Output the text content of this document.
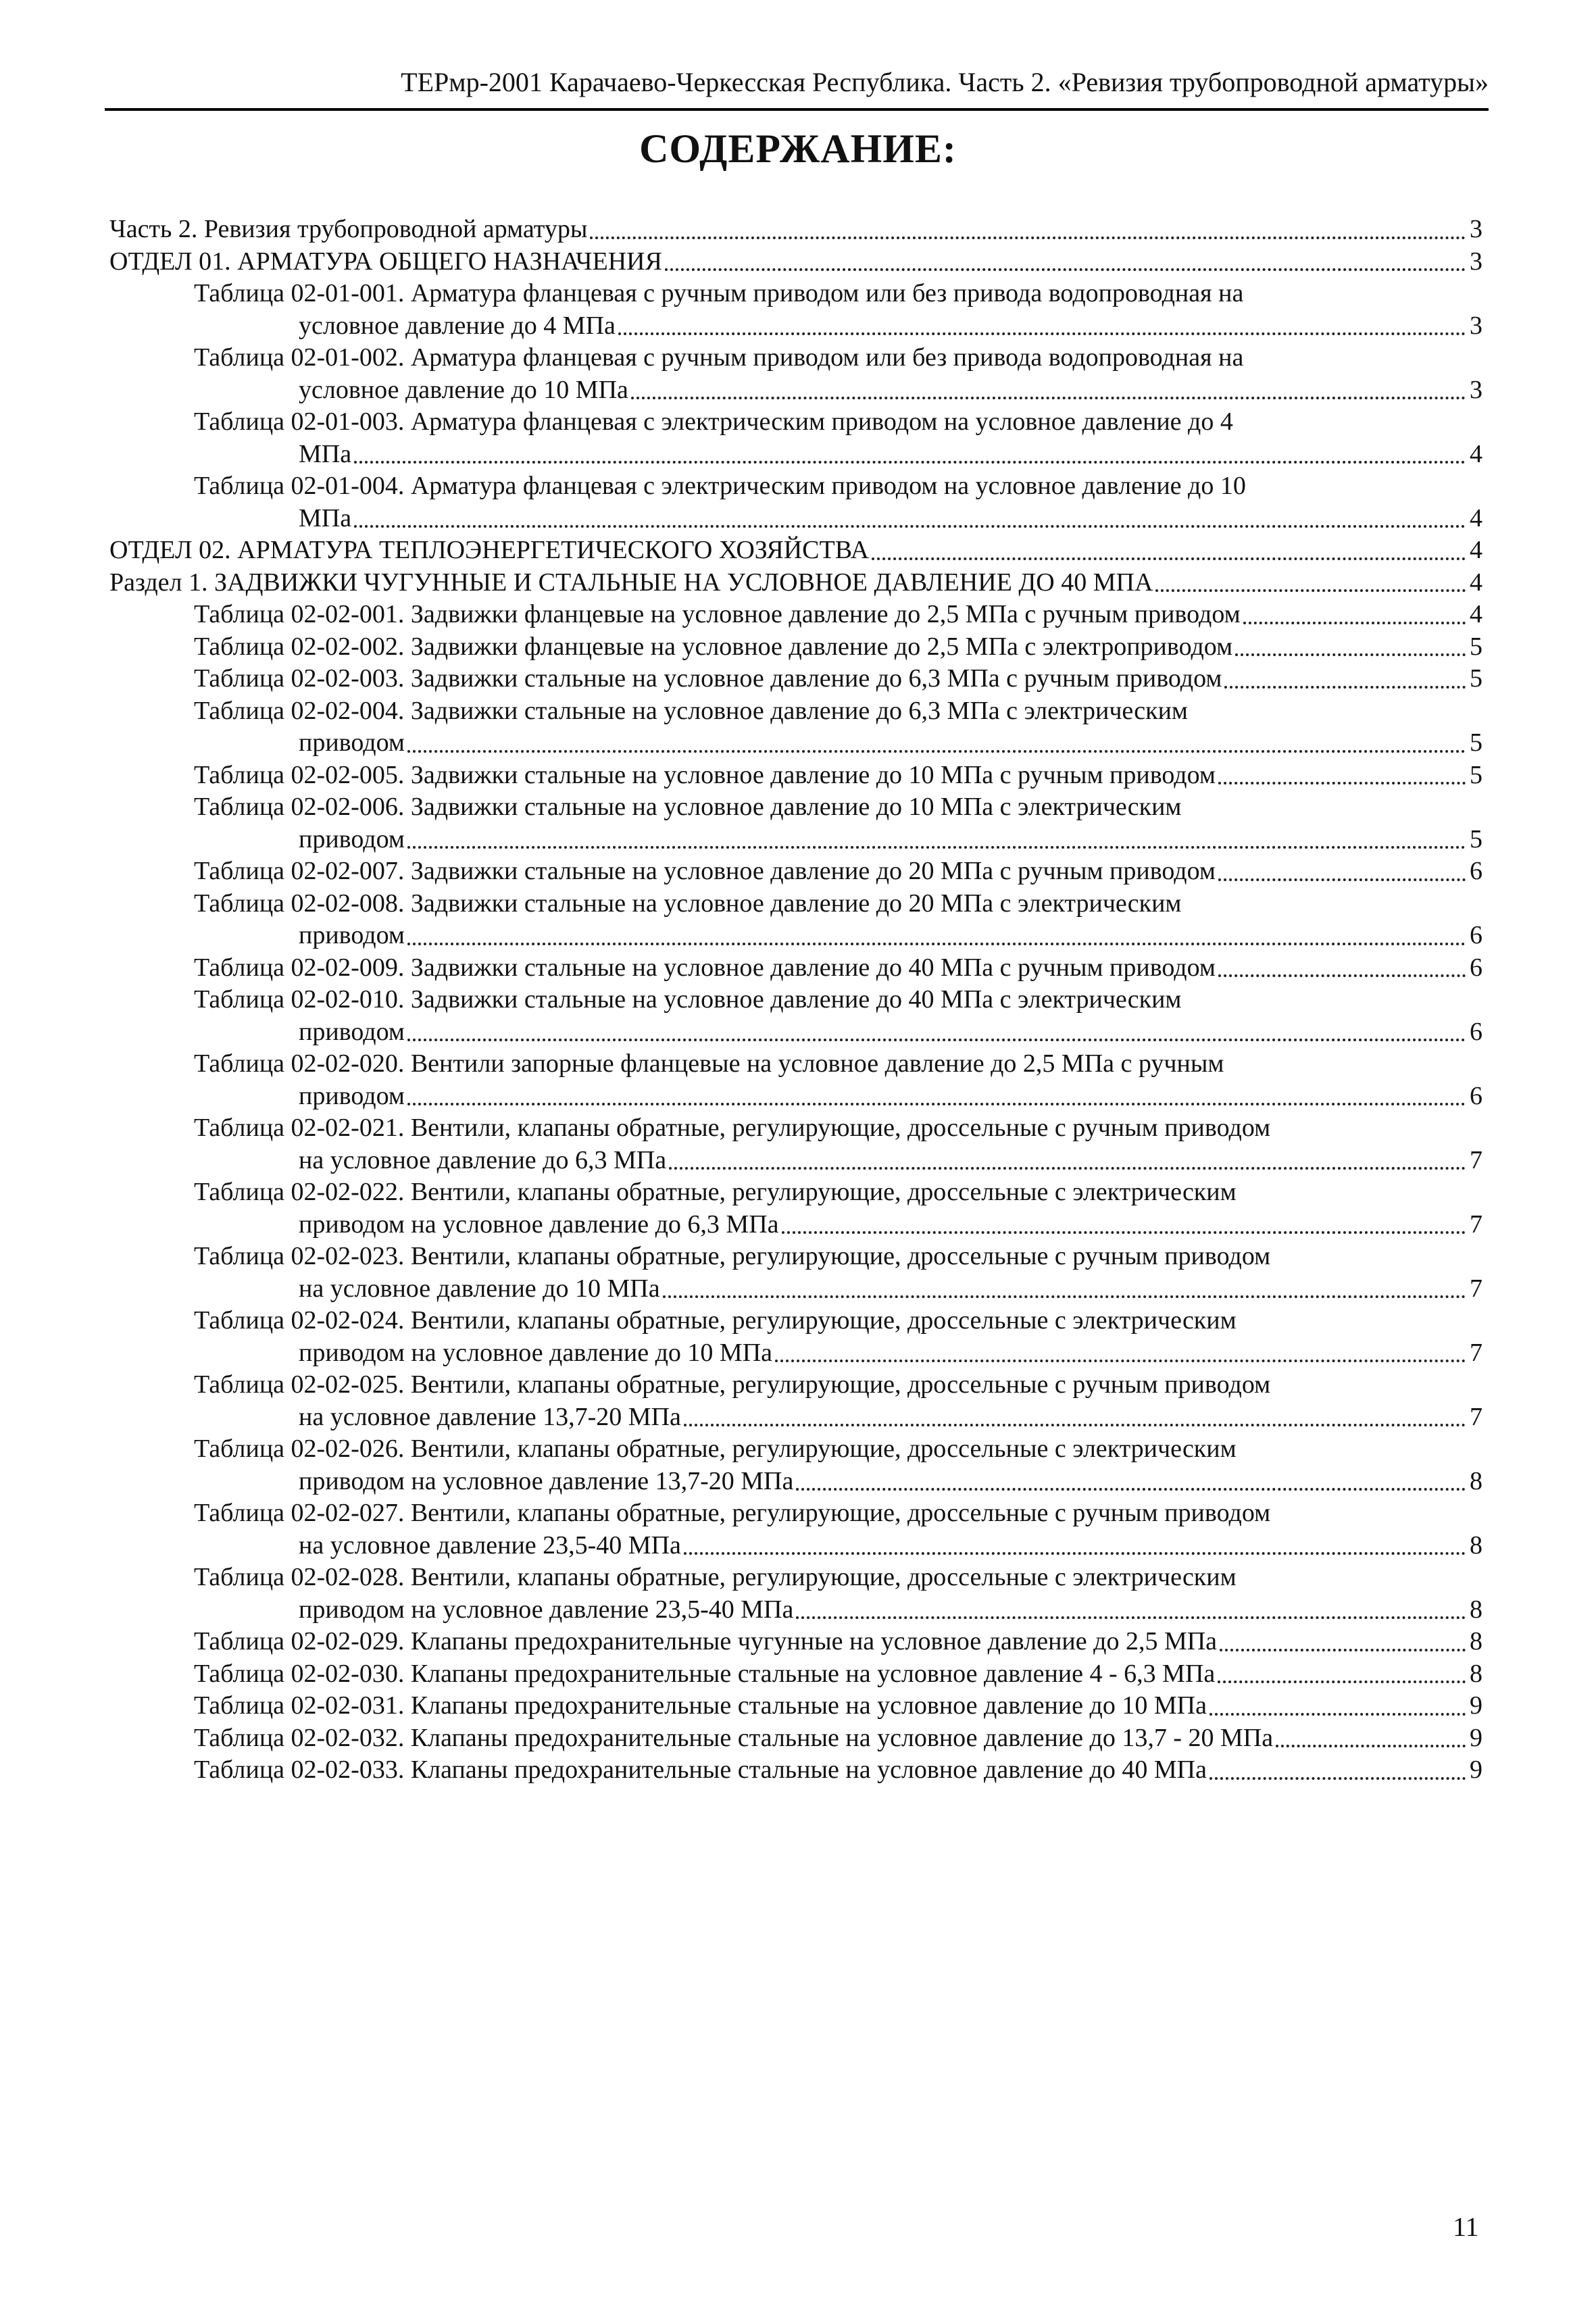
ТЕРмр-2001 Карачаево-Черкесская Республика. Часть 2. «Ревизия трубопроводной арматуры»
СОДЕРЖАНИЕ:
Часть 2. Ревизия трубопроводной арматуры	3
ОТДЕЛ 01. АРМАТУРА ОБЩЕГО НАЗНАЧЕНИЯ	3
Таблица 02-01-001. Арматура фланцевая с ручным приводом или без привода водопроводная на
условное давление до 4 МПа	3
Таблица 02-01-002. Арматура фланцевая с ручным приводом или без привода водопроводная на
условное давление до 10 МПа	3
Таблица 02-01-003. Арматура фланцевая с электрическим приводом на условное давление до 4
МПа	4
Таблица 02-01-004. Арматура фланцевая с электрическим приводом на условное давление до 10
МПа	4
ОТДЕЛ 02. АРМАТУРА ТЕПЛОЭНЕРГЕТИЧЕСКОГО ХОЗЯЙСТВА	4
Раздел 1. ЗАДВИЖКИ ЧУГУННЫЕ И СТАЛЬНЫЕ НА УСЛОВНОЕ ДАВЛЕНИЕ ДО 40 МПА	4
Таблица 02-02-001. Задвижки фланцевые на условное давление до 2,5 МПа с ручным приводом	4
Таблица 02-02-002. Задвижки фланцевые на условное давление до 2,5 МПа с электроприводом	5
Таблица 02-02-003. Задвижки стальные на условное давление до 6,3 МПа с ручным приводом	5
Таблица 02-02-004. Задвижки стальные на условное давление до 6,3 МПа с электрическим
приводом	5
Таблица 02-02-005. Задвижки стальные на условное давление до 10 МПа с ручным приводом	5
Таблица 02-02-006. Задвижки стальные на условное давление до 10 МПа с электрическим
приводом	5
Таблица 02-02-007. Задвижки стальные на условное давление до 20 МПа с ручным приводом	6
Таблица 02-02-008. Задвижки стальные на условное давление до 20 МПа с электрическим
приводом	6
Таблица 02-02-009. Задвижки стальные на условное давление до 40 МПа с ручным приводом	6
Таблица 02-02-010. Задвижки стальные на условное давление до 40 МПа с электрическим
приводом	6
Таблица 02-02-020. Вентили запорные фланцевые на условное давление до 2,5 МПа с ручным
приводом	6
Таблица 02-02-021. Вентили, клапаны обратные, регулирующие, дроссельные с ручным приводом
на условное давление до 6,3 МПа	7
Таблица 02-02-022. Вентили, клапаны обратные, регулирующие, дроссельные с электрическим
приводом на условное давление до 6,3 МПа	7
Таблица 02-02-023. Вентили, клапаны обратные, регулирующие, дроссельные с ручным приводом
на условное давление до 10 МПа	7
Таблица 02-02-024. Вентили, клапаны обратные, регулирующие, дроссельные с электрическим
приводом на условное давление до 10 МПа	7
Таблица 02-02-025. Вентили, клапаны обратные, регулирующие, дроссельные с ручным приводом
на условное давление 13,7-20 МПа	7
Таблица 02-02-026. Вентили, клапаны обратные, регулирующие, дроссельные с электрическим
приводом на условное давление 13,7-20 МПа	8
Таблица 02-02-027. Вентили, клапаны обратные, регулирующие, дроссельные с ручным приводом
на условное давление 23,5-40 МПа	8
Таблица 02-02-028. Вентили, клапаны обратные, регулирующие, дроссельные с электрическим
приводом на условное давление 23,5-40 МПа	8
Таблица 02-02-029. Клапаны предохранительные чугунные на условное давление до 2,5 МПа	8
Таблица 02-02-030. Клапаны предохранительные стальные на условное давление 4 - 6,3 МПа	8
Таблица 02-02-031. Клапаны предохранительные стальные на условное давление до 10 МПа	9
Таблица 02-02-032. Клапаны предохранительные стальные на условное давление до 13,7 - 20 МПа	9
Таблица 02-02-033. Клапаны предохранительные стальные на условное давление до 40 МПа	9
11
